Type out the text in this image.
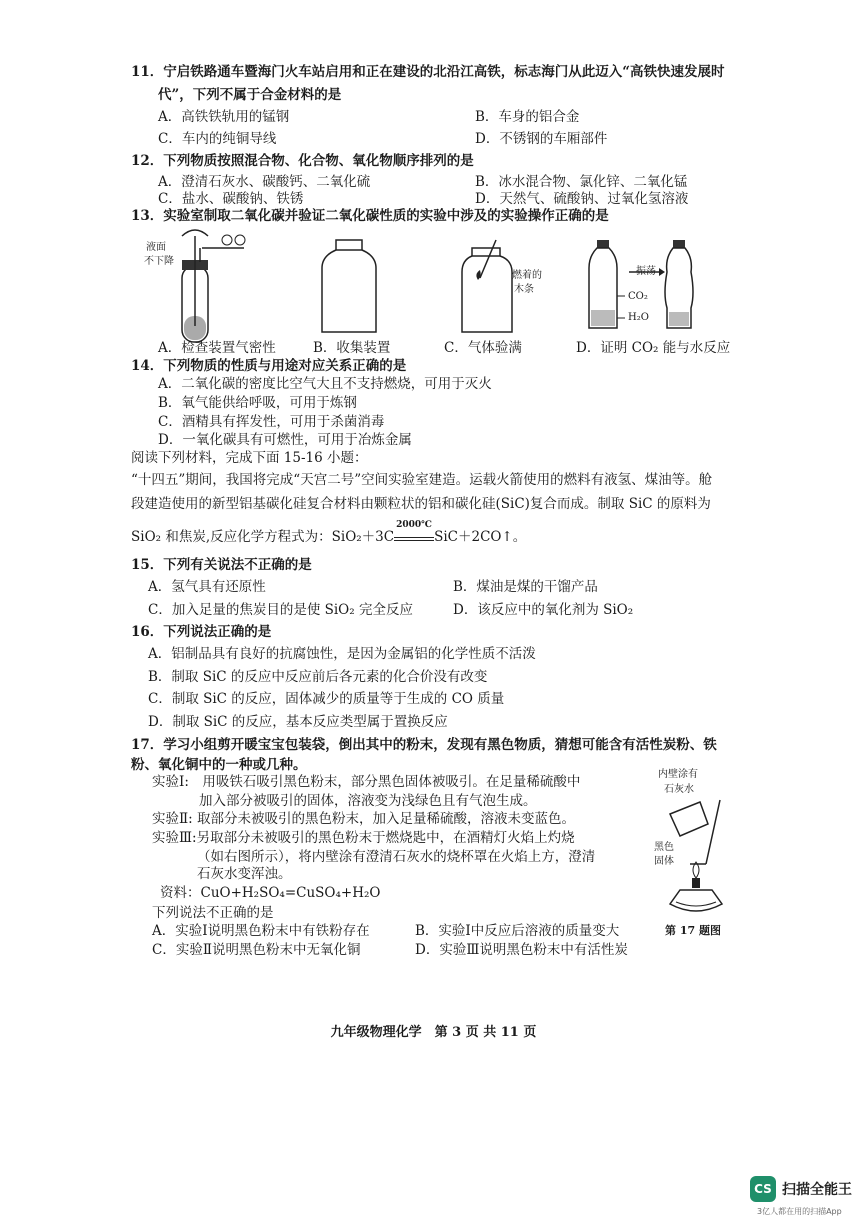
11．宁启铁路通车暨海门火车站启用和正在建设的北沿江高铁，标志海门从此迈入“高铁快速发展时
代”，下列不属于合金材料的是
A．高铁铁轨用的锰钢	B．车身的铝合金
C．车内的纯铜导线	D．不锈钢的车厢部件
12．下列物质按照混合物、化合物、氧化物顺序排列的是
A．澄清石灰水、碳酸钙、二氧化硫	B．冰水混合物、氯化锌、二氧化锰
C．盐水、碳酸钠、铁锈	D．天然气、硫酸钠、过氧化氢溶液
13．实验室制取二氧化碳并验证二氧化碳性质的实验中涉及的实验操作正确的是
液面
不下降
燃着的
木条
振荡
CO₂
H₂O
A．检查装置气密性	B．收集装置	C．气体验满	D．证明 CO₂ 能与水反应
14．下列物质的性质与用途对应关系正确的是
A．二氧化碳的密度比空气大且不支持燃烧，可用于灭火
B．氧气能供给呼吸，可用于炼钢
C．酒精具有挥发性，可用于杀菌消毒
D．一氧化碳具有可燃性，可用于冶炼金属
阅读下列材料，完成下面 15-16 小题：
“十四五”期间，我国将完成“天宫二号”空间实验室建造。运载火箭使用的燃料有液氢、煤油等。舱
段建造使用的新型铝基碳化硅复合材料由颗粒状的铝和碳化硅(SiC)复合而成。制取 SiC 的原料为
SiO₂ 和焦炭,反应化学方程式为：SiO₂＋3C
2000℃
SiC＋2CO↑。
15．下列有关说法不正确的是
A．氢气具有还原性	B．煤油是煤的干馏产品
C．加入足量的焦炭目的是使 SiO₂ 完全反应	D．该反应中的氧化剂为 SiO₂
16．下列说法正确的是
A．铝制品具有良好的抗腐蚀性，是因为金属铝的化学性质不活泼
B．制取 SiC 的反应中反应前后各元素的化合价没有改变
C．制取 SiC 的反应，固体减少的质量等于生成的 CO 质量
D．制取 SiC 的反应，基本反应类型属于置换反应
17．学习小组剪开暖宝宝包装袋，倒出其中的粉末，发现有黑色物质，猜想可能含有活性炭粉、铁
粉、氧化铜中的一种或几种。
实验Ⅰ:　用吸铁石吸引黑色粉末，部分黑色固体被吸引。在足量稀硫酸中
加入部分被吸引的固体，溶液变为浅绿色且有气泡生成。
实验Ⅱ: 取部分未被吸引的黑色粉末，加入足量稀硫酸，溶液未变蓝色。
实验Ⅲ:另取部分未被吸引的黑色粉末于燃烧匙中，在酒精灯火焰上灼烧
（如右图所示），将内壁涂有澄清石灰水的烧杯罩在火焰上方，澄清
石灰水变浑浊。
资料：CuO+H₂SO₄=CuSO₄+H₂O
下列说法不正确的是
A．实验Ⅰ说明黑色粉末中有铁粉存在	B．实验Ⅰ中反应后溶液的质量变大
C．实验Ⅱ说明黑色粉末中无氧化铜	D．实验Ⅲ说明黑色粉末中有活性炭
内壁涂有
石灰水
黑色
固体
第 17 题图
九年级物理化学　第 3 页 共 11 页
CS 扫描全能王
3亿人都在用的扫描App
